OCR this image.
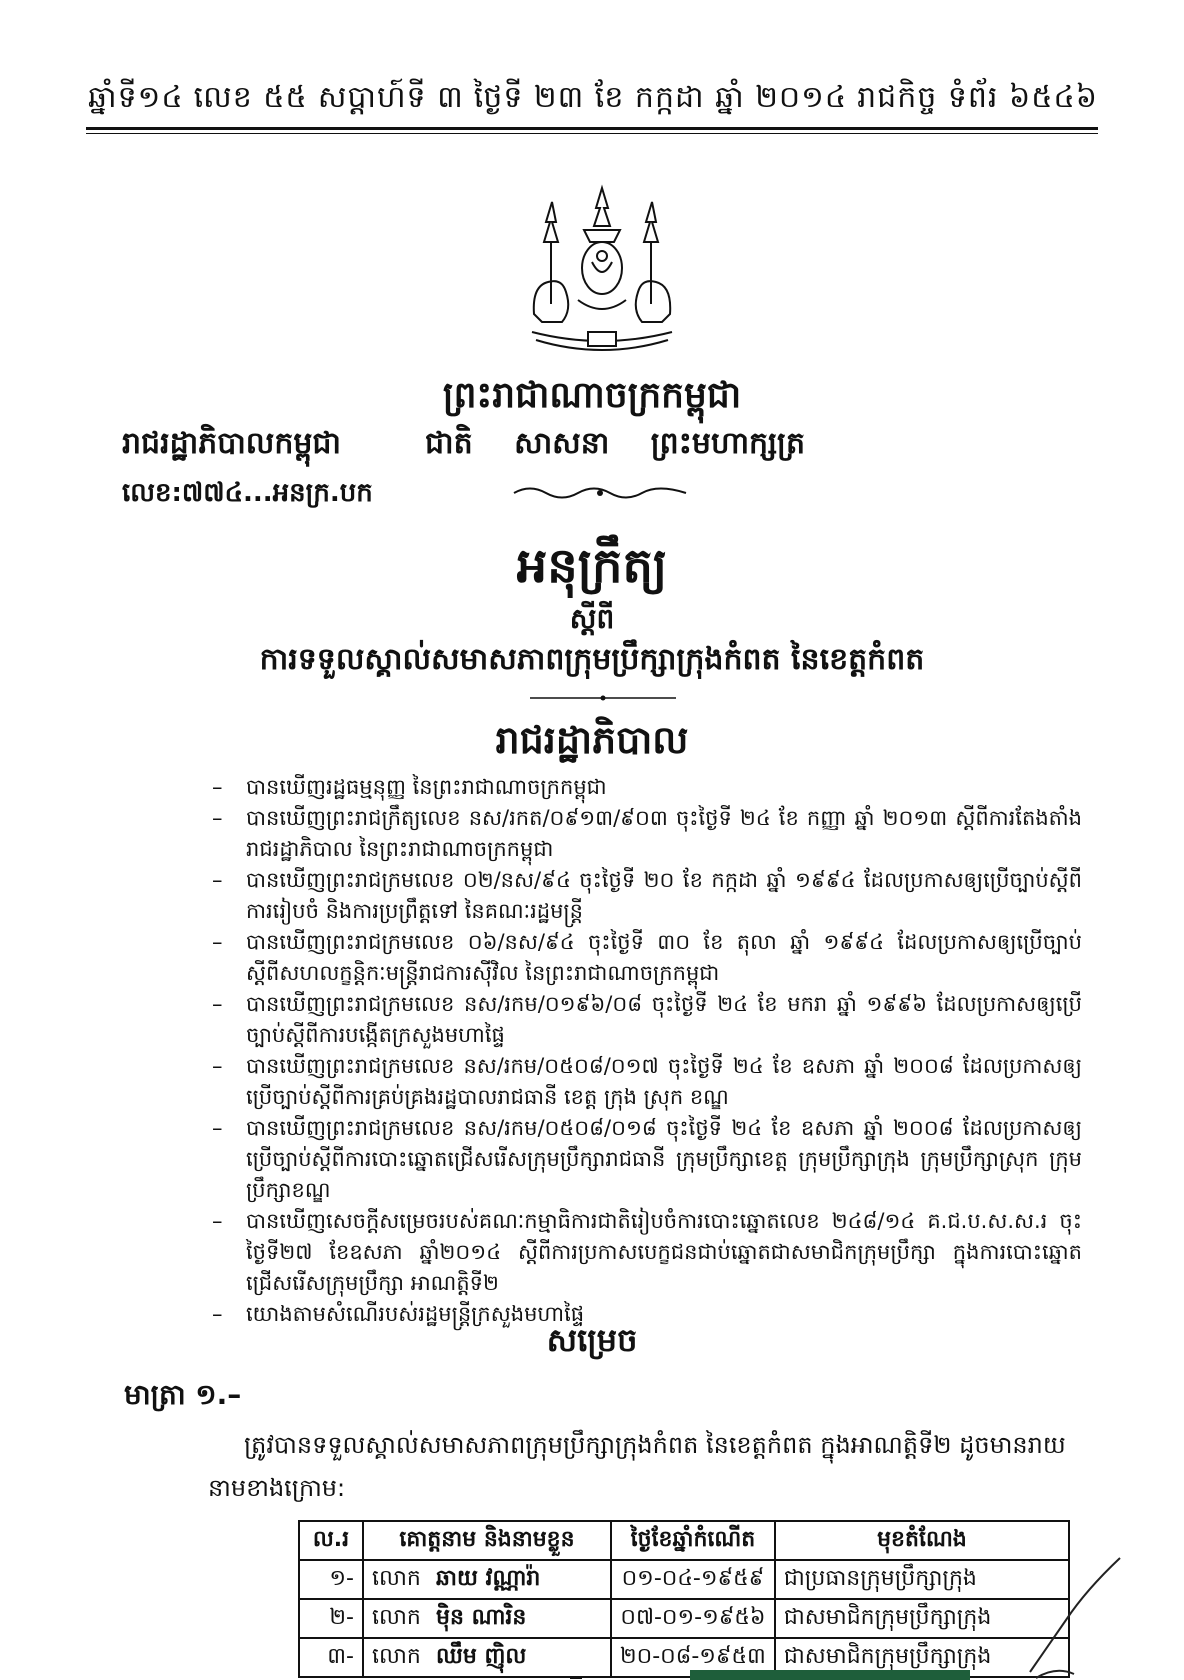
ឆ្នាំទី១៤ លេខ ៥៥ សប្តាហ៍ទី ៣ ថ្ងៃទី ២៣ ខែ កក្កដា ឆ្នាំ ២០១៤ រាជកិច្ច ទំព័រ ៦៥៤៦
ព្រះរាជាណាចក្រកម្ពុជា
រាជរដ្ឋាភិបាលកម្ពុជា	ជាតិ សាសនា ព្រះមហាក្សត្រ
លេខ:៧៧៤...អនក្រ.បក
អនុក្រឹត្យ
ស្តីពី
ការទទួលស្គាល់សមាសភាពក្រុមប្រឹក្សាក្រុងកំពត នៃខេត្តកំពត
រាជរដ្ឋាភិបាល
– បានឃើញរដ្ឋធម្មនុញ្ញ នៃព្រះរាជាណាចក្រកម្ពុជា
– បានឃើញព្រះរាជក្រឹត្យលេខ នស/រកត/០៩១៣/៩០៣ ចុះថ្ងៃទី ២៤ ខែ កញ្ញា ឆ្នាំ ២០១៣ ស្តីពីការតែងតាំងរាជរដ្ឋាភិបាល នៃព្រះរាជាណាចក្រកម្ពុជា
– បានឃើញព្រះរាជក្រមលេខ ០២/នស/៩៤ ចុះថ្ងៃទី ២០ ខែ កក្កដា ឆ្នាំ ១៩៩៤ ដែលប្រកាសឲ្យប្រើច្បាប់ស្តីពីការរៀបចំ និងការប្រព្រឹត្តទៅ នៃគណៈរដ្ឋមន្ត្រី
– បានឃើញព្រះរាជក្រមលេខ ០៦/នស/៩៤ ចុះថ្ងៃទី ៣០ ខែ តុលា ឆ្នាំ ១៩៩៤ ដែលប្រកាសឲ្យប្រើច្បាប់ស្តីពីសហលក្ខន្តិកៈមន្ត្រីរាជការស៊ីវិល នៃព្រះរាជាណាចក្រកម្ពុជា
– បានឃើញព្រះរាជក្រមលេខ នស/រកម/០១៩៦/០៨ ចុះថ្ងៃទី ២៤ ខែ មករា ឆ្នាំ ១៩៩៦ ដែលប្រកាសឲ្យប្រើច្បាប់ស្តីពីការបង្កើតក្រសួងមហាផ្ទៃ
– បានឃើញព្រះរាជក្រមលេខ នស/រកម/០៥០៨/០១៧ ចុះថ្ងៃទី ២៤ ខែ ឧសភា ឆ្នាំ ២០០៨ ដែលប្រកាសឲ្យប្រើច្បាប់ស្តីពីការគ្រប់គ្រងរដ្ឋបាលរាជធានី ខេត្ត ក្រុង ស្រុក ខណ្ឌ
– បានឃើញព្រះរាជក្រមលេខ នស/រកម/០៥០៨/០១៨ ចុះថ្ងៃទី ២៤ ខែ ឧសភា ឆ្នាំ ២០០៨ ដែលប្រកាសឲ្យប្រើច្បាប់ស្តីពីការបោះឆ្នោតជ្រើសរើសក្រុមប្រឹក្សារាជធានី ក្រុមប្រឹក្សាខេត្ត ក្រុមប្រឹក្សាក្រុង ក្រុមប្រឹក្សាស្រុក ក្រុមប្រឹក្សាខណ្ឌ
– បានឃើញសេចក្តីសម្រេចរបស់គណៈកម្មាធិការជាតិរៀបចំការបោះឆ្នោតលេខ ២៤៨/១៤ គ.ជ.ប.ស.ស.រ ចុះថ្ងៃទី២៧ ខែឧសភា ឆ្នាំ២០១៤ ស្តីពីការប្រកាសបេក្ខជនជាប់ឆ្នោតជាសមាជិកក្រុមប្រឹក្សា ក្នុងការបោះឆ្នោតជ្រើសរើសក្រុមប្រឹក្សា អាណត្តិទី២
– យោងតាមសំណើរបស់រដ្ឋមន្ត្រីក្រសួងមហាផ្ទៃ
សម្រេច
មាត្រា ១.–
ត្រូវបានទទួលស្គាល់សមាសភាពក្រុមប្រឹក្សាក្រុងកំពត នៃខេត្តកំពត ក្នុងអាណត្តិទី២ ដូចមានរាយនាមខាងក្រោម:
ល.រ	គោត្តនាម និងនាមខ្លួន	ថ្ងៃខែឆ្នាំកំណើត	មុខតំណែង
១-	លោក ឆាយ វណ្ណារ៉ា	០១-០៤-១៩៥៩	ជាប្រធានក្រុមប្រឹក្សាក្រុង
២-	លោក ម៉ិន ណារិន	០៧-០១-១៩៥៦	ជាសមាជិកក្រុមប្រឹក្សាក្រុង
៣-	លោក ឈឹម ញ៉ិល	២០-០៨-១៩៥៣	ជាសមាជិកក្រុមប្រឹក្សាក្រុង
